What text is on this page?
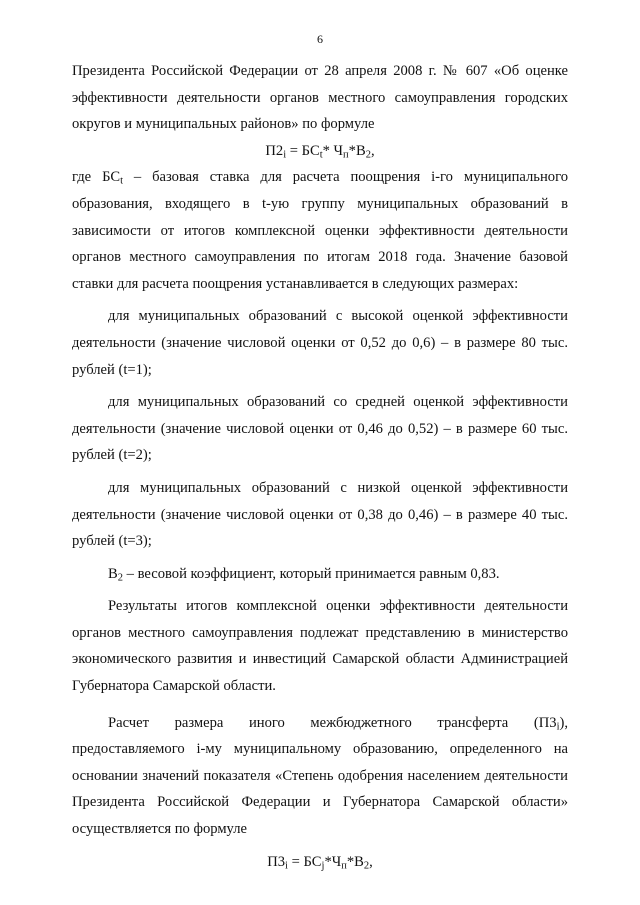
6

Президента Российской Федерации от 28 апреля 2008 г. № 607 «Об оценке эффективности деятельности органов местного самоуправления городских округов и муниципальных районов» по формуле

$П2_i = БС_t*$ $Ч_п*В_2$,

где $БС_t$ – базовая ставка для расчета поощрения i-го муниципального образования, входящего в t-ую группу муниципальных образований в зависимости от итогов комплексной оценки эффективности деятельности органов местного самоуправления по итогам 2018 года. Значение базовой ставки для расчета поощрения устанавливается в следующих размерах:

для муниципальных образований с высокой оценкой эффективности деятельности (значение числовой оценки от 0,52 до 0,6) – в размере 80 тыс. рублей (t=1);

для муниципальных образований со средней оценкой эффективности деятельности (значение числовой оценки от 0,46 до 0,52) – в размере 60 тыс. рублей (t=2);

для муниципальных образований с низкой оценкой эффективности деятельности (значение числовой оценки от 0,38 до 0,46) – в размере 40 тыс. рублей (t=3);

$В_2$ – весовой коэффициент, который принимается равным 0,83.

Результаты итогов комплексной оценки эффективности деятельности органов местного самоуправления подлежат представлению в министерство экономического развития и инвестиций Самарской области Администрацией Губернатора Самарской области.

Расчет размера иного межбюджетного трансферта $(П3_i)$, предоставляемого i-му муниципальному образованию, определенного на основании значений показателя «Степень одобрения населением деятельности Президента Российской Федерации и Губернатора Самарской области» осуществляется по формуле

$П3_i = БС_j*Ч_п*В_2$,
